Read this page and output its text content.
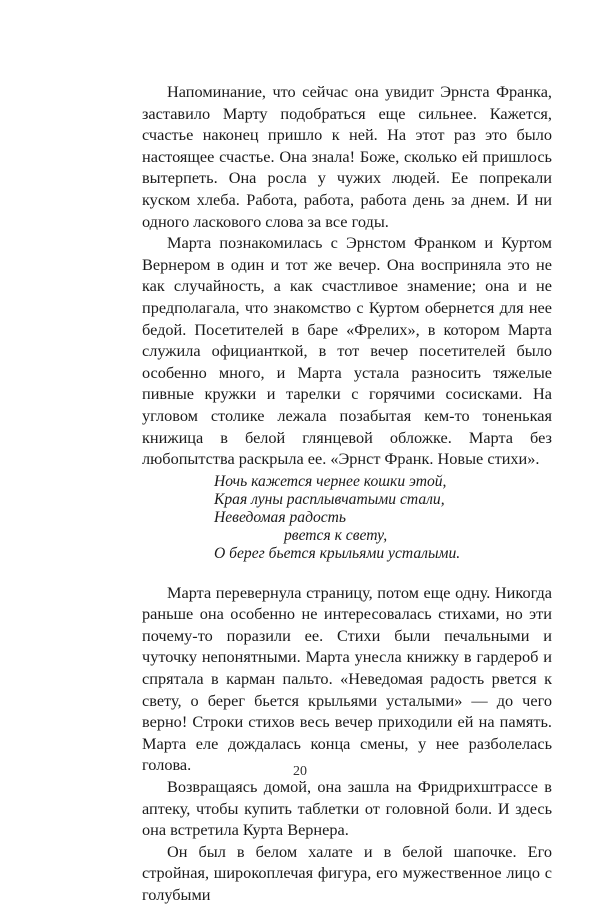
Напоминание, что сейчас она увидит Эрнста Франка, заставило Марту подобраться еще сильнее. Кажется, счастье наконец пришло к ней. На этот раз это было настоящее счастье. Она знала! Боже, сколько ей пришлось вытерпеть. Она росла у чужих людей. Ее попрекали куском хлеба. Работа, работа, работа день за днем. И ни одного ласкового слова за все годы.

Марта познакомилась с Эрнстом Франком и Куртом Вернером в один и тот же вечер. Она восприняла это не как случайность, а как счастливое знамение; она и не предполагала, что знакомство с Куртом обернется для нее бедой. Посетителей в баре «Фрелих», в котором Марта служила официанткой, в тот вечер посетителей было особенно много, и Марта устала разносить тяжелые пивные кружки и тарелки с горячими сосисками. На угловом столике лежала позабытая кем-то тоненькая книжица в белой глянцевой обложке. Марта без любопытства раскрыла ее. «Эрнст Франк. Новые стихи».

Ночь кажется чернее кошки этой,
Края луны расплывчатыми стали,
Неведомая радость
рвется к свету,
О берег бьется крыльями усталыми.

Марта перевернула страницу, потом еще одну. Никогда раньше она особенно не интересовалась стихами, но эти почему-то поразили ее. Стихи были печальными и чуточку непонятными. Марта унесла книжку в гардероб и спрятала в карман пальто. «Неведомая радость рвется к свету, о берег бьется крыльями усталыми» — до чего верно! Строки стихов весь вечер приходили ей на память. Марта еле дождалась конца смены, у нее разболелась голова.

Возвращаясь домой, она зашла на Фридрихштрассе в аптеку, чтобы купить таблетки от головной боли. И здесь она встретила Курта Вернера.

Он был в белом халате и в белой шапочке. Его стройная, широкоплечая фигура, его мужественное лицо с голубыми

20
